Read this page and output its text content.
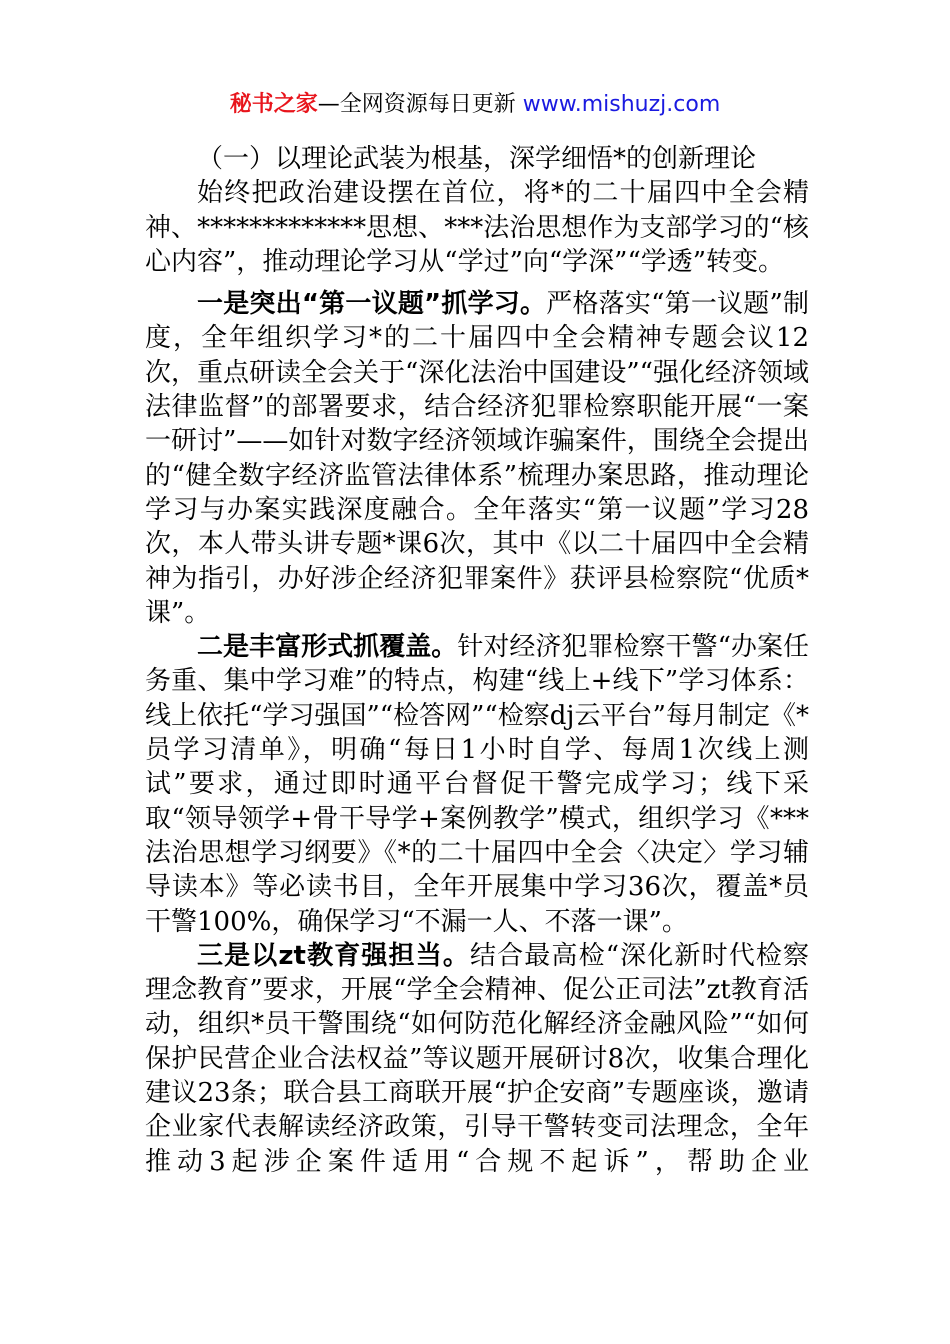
秘书之家—全网资源每日更新 www.mishuzj.com

（一）以理论武装为根基，深学细悟*的创新理论

始终把政治建设摆在首位，将*的二十届四中全会精神、*************思想、***法治思想作为支部学习的“核心内容”，推动理论学习从“学过”向“学深”“学透”转变。

一是突出“第一议题”抓学习。严格落实“第一议题”制度，全年组织学习*的二十届四中全会精神专题会议12次，重点研读全会关于“深化法治中国建设”“强化经济领域法律监督”的部署要求，结合经济犯罪检察职能开展“一案一研讨”——如针对数字经济领域诈骗案件，围绕全会提出的“健全数字经济监管法律体系”梳理办案思路，推动理论学习与办案实践深度融合。全年落实“第一议题”学习28次，本人带头讲专题*课6次，其中《以二十届四中全会精神为指引，办好涉企经济犯罪案件》获评县检察院“优质*课”。

二是丰富形式抓覆盖。针对经济犯罪检察干警“办案任务重、集中学习难”的特点，构建“线上+线下”学习体系：线上依托“学习强国”“检答网”“检察dj云平台”每月制定《*员学习清单》，明确“每日1小时自学、每周1次线上测试”要求，通过即时通平台督促干警完成学习；线下采取“领导领学+骨干导学+案例教学”模式，组织学习《***法治思想学习纲要》《*的二十届四中全会〈决定〉学习辅导读本》等必读书目，全年开展集中学习36次，覆盖*员干警100%，确保学习“不漏一人、不落一课”。

三是以zt教育强担当。结合最高检“深化新时代检察理念教育”要求，开展“学全会精神、促公正司法”zt教育活动，组织*员干警围绕“如何防范化解经济金融风险”“如何保护民营企业合法权益”等议题开展研讨8次，收集合理化建议23条；联合县工商联开展“护企安商”专题座谈，邀请企业家代表解读经济政策，引导干警转变司法理念，全年推动3起涉企案件适用“合规不起诉”，帮助企业
